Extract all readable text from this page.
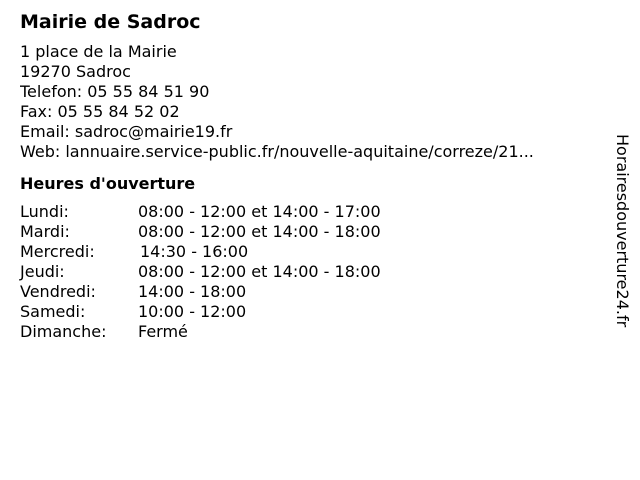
Mairie de Sadroc
1 place de la Mairie
19270 Sadroc
Telefon: 05 55 84 51 90
Fax: 05 55 84 52 02
Email: sadroc@mairie19.fr
Web: lannuaire.service-public.fr/nouvelle-aquitaine/correze/21...
Heures d'ouverture
Lundi:	08:00 - 12:00 et 14:00 - 17:00
Mardi:	08:00 - 12:00 et 14:00 - 18:00
Mercredi:	14:30 - 16:00
Jeudi:	08:00 - 12:00 et 14:00 - 18:00
Vendredi:	14:00 - 18:00
Samedi:	10:00 - 12:00
Dimanche: Fermé
Horairesdouverture24.fr
